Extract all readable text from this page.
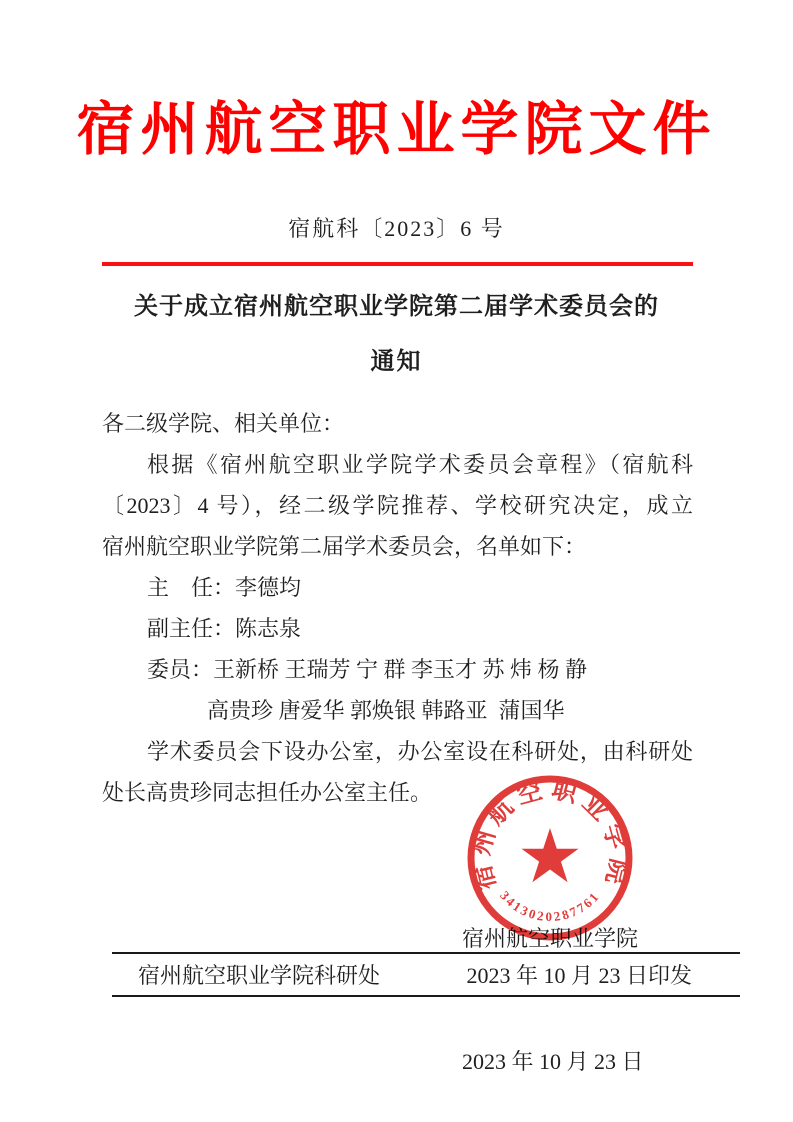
宿州航空职业学院文件
宿航科〔2023〕6 号
关于成立宿州航空职业学院第二届学术委员会的
通知
各二级学院、相关单位：
根据《宿州航空职业学院学术委员会章程》（宿航科
〔2023〕4 号），经二级学院推荐、学校研究决定，成立
宿州航空职业学院第二届学术委员会，名单如下：
主　任：李德均
副主任：陈志泉
委员：王新桥 王瑞芳 宁 群 李玉才 苏 炜 杨 静
高贵珍 唐爱华 郭焕银 韩路亚  蒲国华
学术委员会下设办公室，办公室设在科研处，由科研处
处长高贵珍同志担任办公室主任。

宿州航空职业学院

2023 年 10 月 23 日

宿州航空职业学院
3413020287761
宿州航空职业学院科研处	2023 年 10 月 23 日印发
